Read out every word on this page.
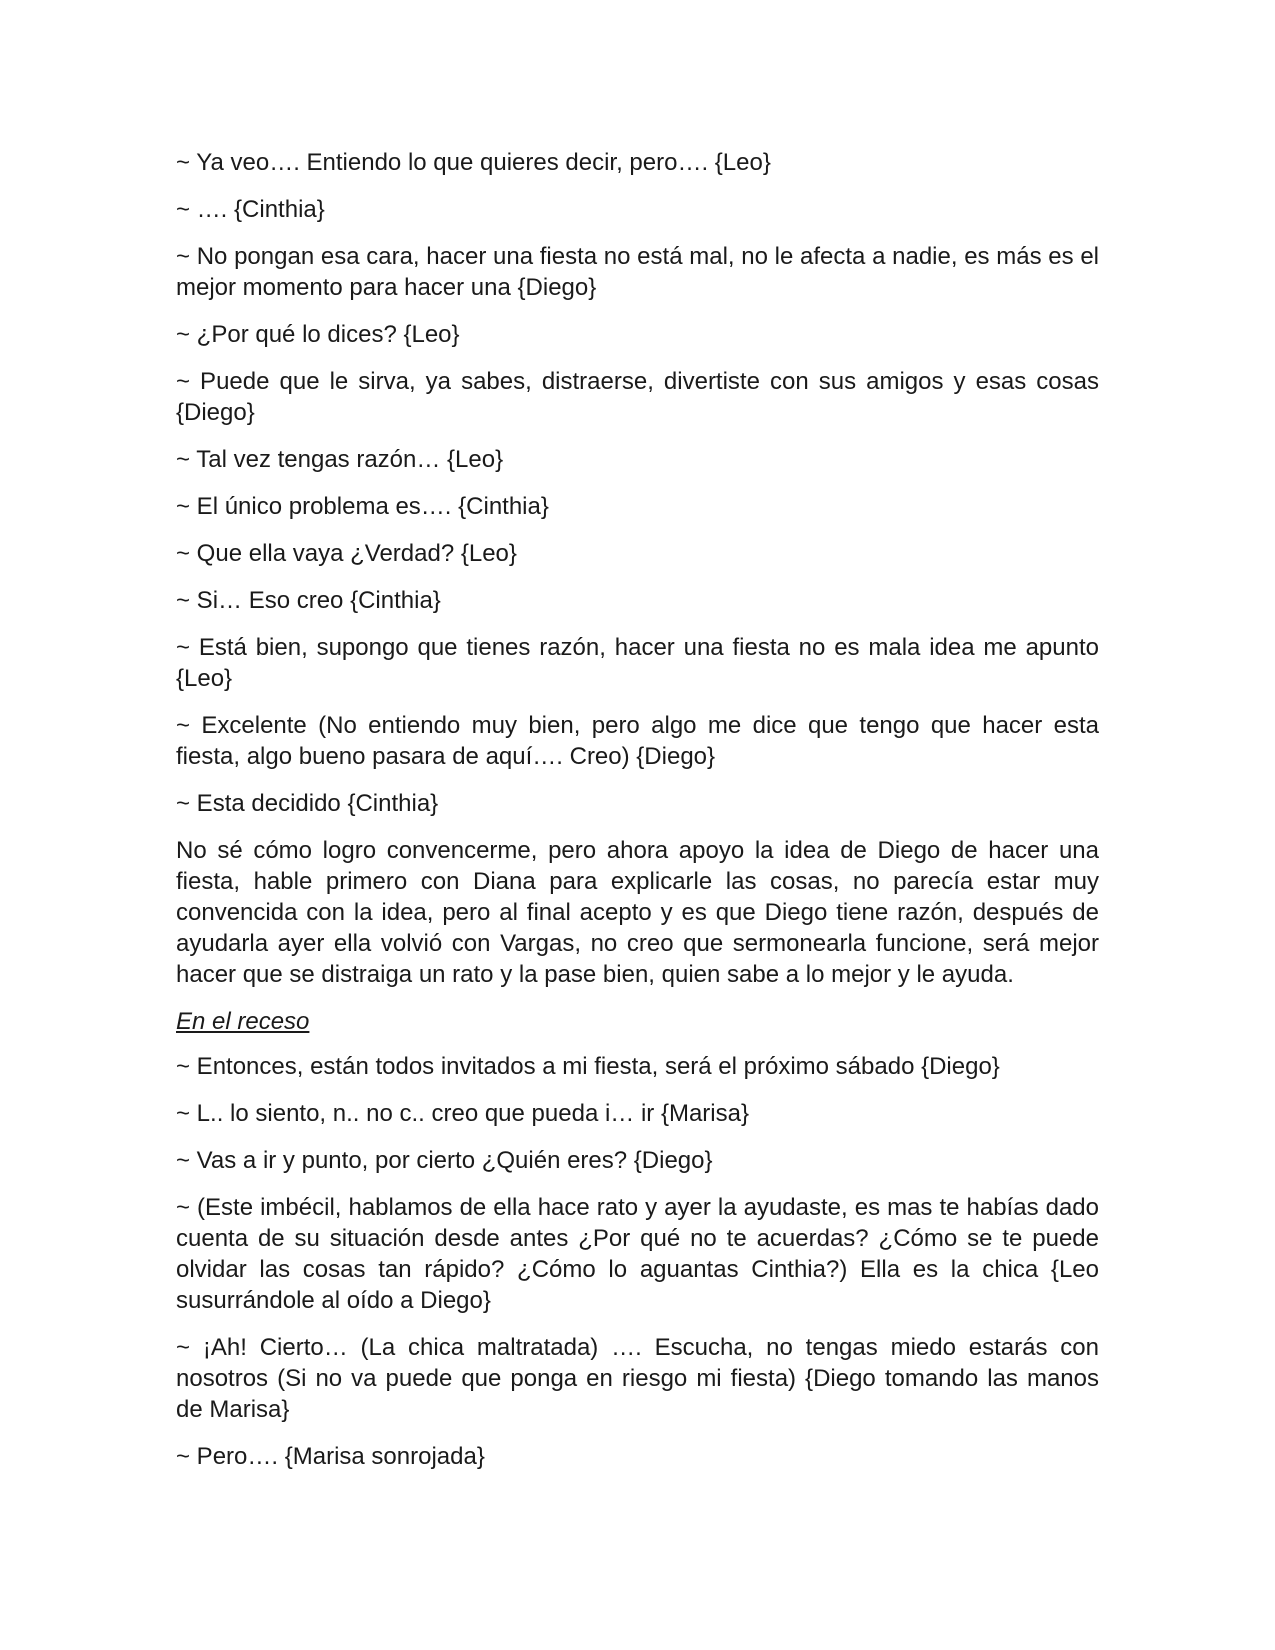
~ Ya veo…. Entiendo lo que quieres decir, pero…. {Leo}

~ …. {Cinthia}

~ No pongan esa cara, hacer una fiesta no está mal, no le afecta a nadie, es más es el mejor momento para hacer una {Diego}

~ ¿Por qué lo dices? {Leo}

~ Puede que le sirva, ya sabes, distraerse, divertiste con sus amigos y esas cosas {Diego}

~ Tal vez tengas razón… {Leo}

~ El único problema es…. {Cinthia}

~ Que ella vaya ¿Verdad? {Leo}

~ Si… Eso creo {Cinthia}

~ Está bien, supongo que tienes razón, hacer una fiesta no es mala idea me apunto {Leo}

~ Excelente (No entiendo muy bien, pero algo me dice que tengo que hacer esta fiesta, algo bueno pasara de aquí…. Creo) {Diego}

~ Esta decidido {Cinthia}

No sé cómo logro convencerme, pero ahora apoyo la idea de Diego de hacer una fiesta, hable primero con Diana para explicarle las cosas, no parecía estar muy convencida con la idea, pero al final acepto y es que Diego tiene razón, después de ayudarla ayer ella volvió con Vargas, no creo que sermonearla funcione, será mejor hacer que se distraiga un rato y la pase bien, quien sabe a lo mejor y le ayuda.

En el receso

~ Entonces, están todos invitados a mi fiesta, será el próximo sábado {Diego}

~ L.. lo siento, n.. no c.. creo que pueda i… ir {Marisa}

~ Vas a ir y punto, por cierto ¿Quién eres? {Diego}

~ (Este imbécil, hablamos de ella hace rato y ayer la ayudaste, es mas te habías dado cuenta de su situación desde antes ¿Por qué no te acuerdas? ¿Cómo se te puede olvidar las cosas tan rápido? ¿Cómo lo aguantas Cinthia?) Ella es la chica {Leo susurrándole al oído a Diego}

~ ¡Ah! Cierto… (La chica maltratada) …. Escucha, no tengas miedo estarás con nosotros (Si no va puede que ponga en riesgo mi fiesta) {Diego tomando las manos de Marisa}

~ Pero…. {Marisa sonrojada}
